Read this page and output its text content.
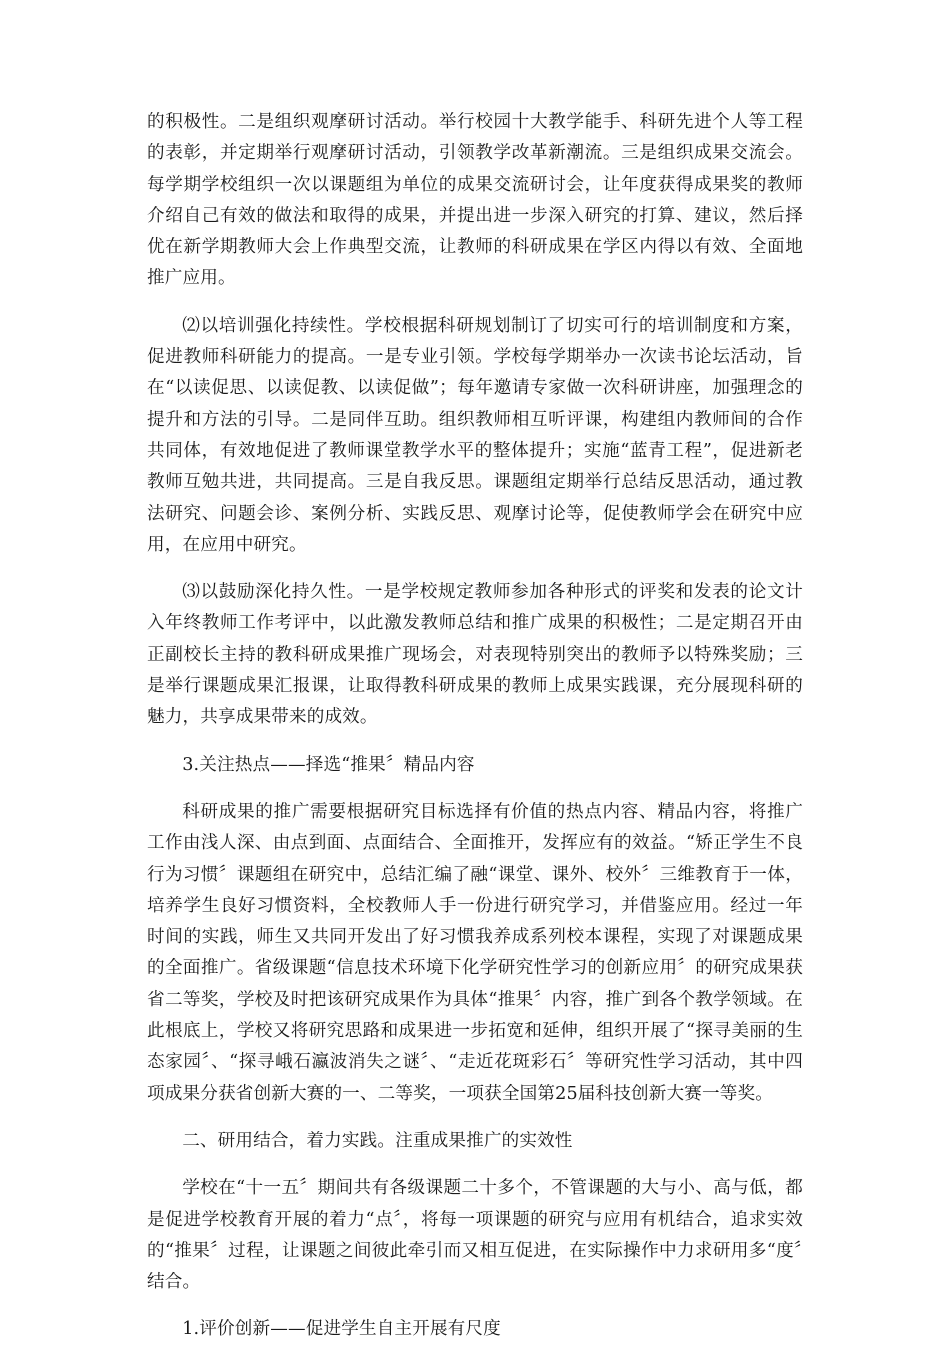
的积极性。二是组织观摩研讨活动。举行校园十大教学能手、科研先进个人等工程的表彰，并定期举行观摩研讨活动，引领教学改革新潮流。三是组织成果交流会。每学期学校组织一次以课题组为单位的成果交流研讨会，让年度获得成果奖的教师介绍自己有效的做法和取得的成果，并提出进一步深入研究的打算、建议，然后择优在新学期教师大会上作典型交流，让教师的科研成果在学区内得以有效、全面地推广应用。

⑵以培训强化持续性。学校根据科研规划制订了切实可行的培训制度和方案，促进教师科研能力的提高。一是专业引领。学校每学期举办一次读书论坛活动，旨在“以读促思、以读促教、以读促做”；每年邀请专家做一次科研讲座，加强理念的提升和方法的引导。二是同伴互助。组织教师相互听评课，构建组内教师间的合作共同体，有效地促进了教师课堂教学水平的整体提升；实施“蓝青工程”，促进新老教师互勉共进，共同提高。三是自我反思。课题组定期举行总结反思活动，通过教法研究、问题会诊、案例分析、实践反思、观摩讨论等，促使教师学会在研究中应用，在应用中研究。

⑶以鼓励深化持久性。一是学校规定教师参加各种形式的评奖和发表的论文计入年终教师工作考评中，以此激发教师总结和推广成果的积极性；二是定期召开由正副校长主持的教科研成果推广现场会，对表现特别突出的教师予以特殊奖励；三是举行课题成果汇报课，让取得教科研成果的教师上成果实践课，充分展现科研的魅力，共享成果带来的成效。

3.关注热点——择选“推果〞精品内容

科研成果的推广需要根据研究目标选择有价值的热点内容、精品内容，将推广工作由浅人深、由点到面、点面结合、全面推开，发挥应有的效益。“矫正学生不良行为习惯〞课题组在研究中，总结汇编了融“课堂、课外、校外〞三维教育于一体，培养学生良好习惯资料，全校教师人手一份进行研究学习，并借鉴应用。经过一年时间的实践，师生又共同开发出了好习惯我养成系列校本课程，实现了对课题成果的全面推广。省级课题“信息技术环境下化学研究性学习的创新应用〞的研究成果获省二等奖，学校及时把该研究成果作为具体“推果〞内容，推广到各个教学领域。在此根底上，学校又将研究思路和成果进一步拓宽和延伸，组织开展了“探寻美丽的生态家园〞、“探寻峨石瀛波消失之谜〞、“走近花斑彩石〞等研究性学习活动，其中四项成果分获省创新大赛的一、二等奖，一项获全国第25届科技创新大赛一等奖。

二、研用结合，着力实践。注重成果推广的实效性

学校在“十一五〞期间共有各级课题二十多个，不管课题的大与小、高与低，都是促进学校教育开展的着力“点〞，将每一项课题的研究与应用有机结合，追求实效的“推果〞过程，让课题之间彼此牵引而又相互促进，在实际操作中力求研用多“度〞结合。

1.评价创新——促进学生自主开展有尺度
